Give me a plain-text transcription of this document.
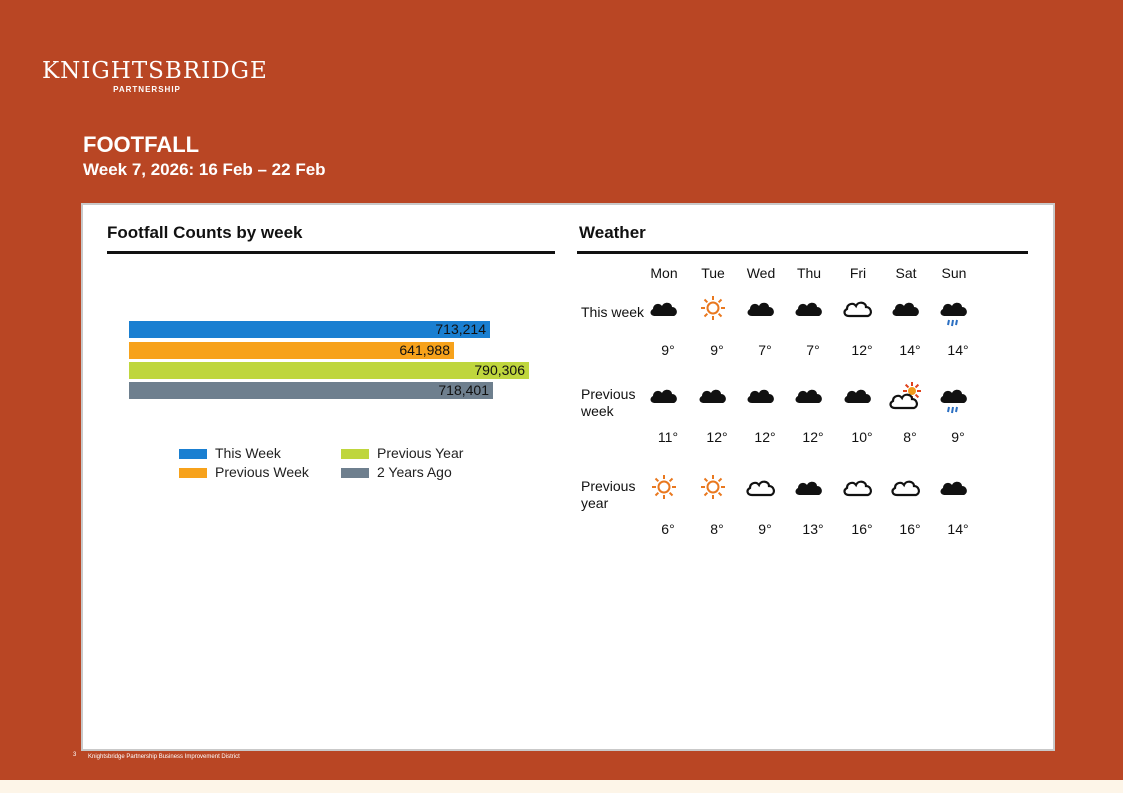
KNIGHTSBRIDGE
PARTNERSHIP
FOOTFALL
Week 7, 2026: 16 Feb – 22 Feb
Footfall Counts by week
713,214
641,988
790,306
718,401
This Week
Previous Week
Previous Year
2 Years Ago
Weather
Mon	Tue	Wed	Thu	Fri	Sat	Sun
This week
9°	9°	7°	7°	12°	14°	14°
Previous week
11°	12°	12°	12°	10°	8°	9°
Previous year
6°	8°	9°	13°	16°	16°	14°
3 Knightsbridge Partnership Business Improvement District
